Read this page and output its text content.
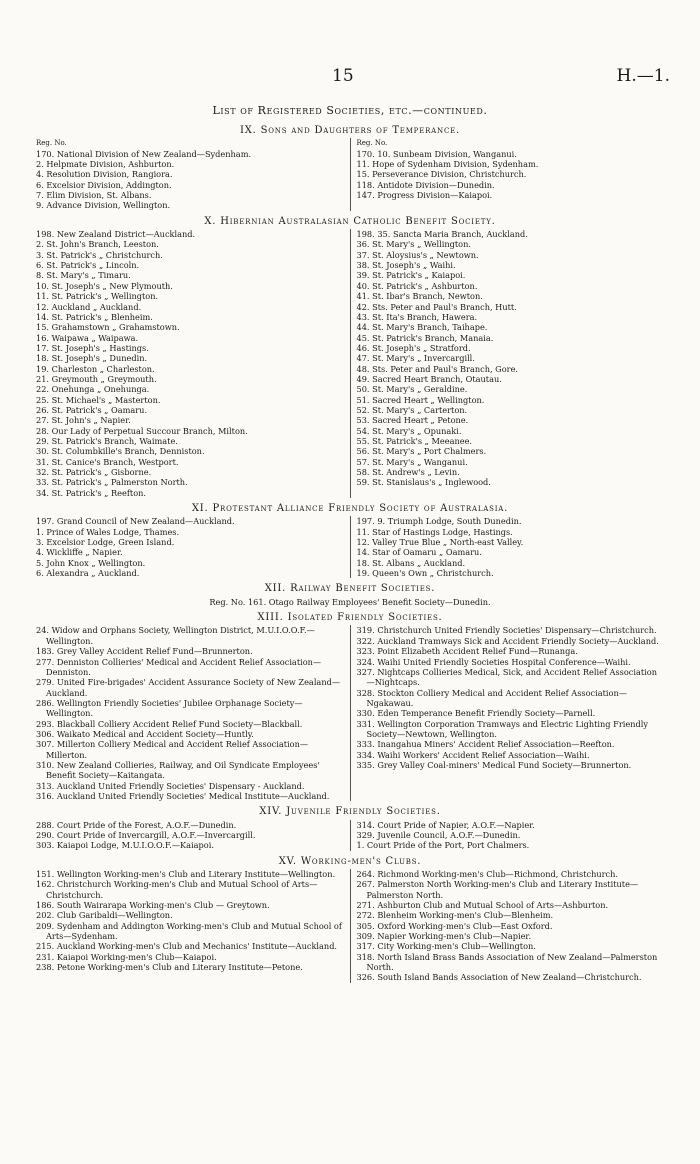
15	H.—1.
List of Registered Societies, etc.—continued.
IX. Sons and Daughters of Temperance.
Reg. No.
170. National Division of New Zealand—Sydenham.
2. Helpmate Division, Ashburton.
4. Resolution Division, Rangiora.
6. Excelsior Division, Addington.
7. Elim Division, St. Albans.
9. Advance Division, Wellington.
Reg. No.
170. 10. Sunbeam Division, Wanganui.
11. Hope of Sydenham Division, Sydenham.
15. Perseverance Division, Christchurch.
118. Antidote Division—Dunedin.
147. Progress Division—Kaiapoi.
X. Hibernian Australasian Catholic Benefit Society.
198. New Zealand District—Auckland.
2. St. John's Branch, Leeston.
3. St. Patrick's „ Christchurch.
6. St. Patrick's „ Lincoln.
8. St. Mary's „ Timaru.
10. St. Joseph's „ New Plymouth.
11. St. Patrick's „ Wellington.
12. Auckland „ Auckland.
14. St. Patrick's „ Blenheim.
15. Grahamstown „ Grahamstown.
16. Waipawa „ Waipawa.
17. St. Joseph's „ Hastings.
18. St. Joseph's „ Dunedin.
19. Charleston „ Charleston.
21. Greymouth „ Greymouth.
22. Onehunga „ Onehunga.
25. St. Michael's „ Masterton.
26. St. Patrick's „ Oamaru.
27. St. John's „ Napier.
28. Our Lady of Perpetual Succour Branch, Milton.
29. St. Patrick's Branch, Waimate.
30. St. Columbkille's Branch, Denniston.
31. St. Canice's Branch, Westport.
32. St. Patrick's „ Gisborne.
33. St. Patrick's „ Palmerston North.
34. St. Patrick's „ Reefton.
198. 35. Sancta Maria Branch, Auckland.
36. St. Mary's „ Wellington.
37. St. Aloysius's „ Newtown.
38. St. Joseph's „ Waihi.
39. St. Patrick's „ Kaiapoi.
40. St. Patrick's „ Ashburton.
41. St. Ibar's Branch, Newton.
42. Sts. Peter and Paul's Branch, Hutt.
43. St. Ita's Branch, Hawera.
44. St. Mary's Branch, Taihape.
45. St. Patrick's Branch, Manaia.
46. St. Joseph's „ Stratford.
47. St. Mary's „ Invercargill.
48. Sts. Peter and Paul's Branch, Gore.
49. Sacred Heart Branch, Otautau.
50. St. Mary's „ Geraldine.
51. Sacred Heart „ Wellington.
52. St. Mary's „ Carterton.
53. Sacred Heart „ Petone.
54. St. Mary's „ Opunaki.
55. St. Patrick's „ Meeanee.
56. St. Mary's „ Port Chalmers.
57. St. Mary's „ Wanganui.
58. St. Andrew's „ Levin.
59. St. Stanislaus's „ Inglewood.
XI. Protestant Alliance Friendly Society of Australasia.
197. Grand Council of New Zealand—Auckland.
1. Prince of Wales Lodge, Thames.
3. Excelsior Lodge, Green Island.
4. Wickliffe „ Napier.
5. John Knox „ Wellington.
6. Alexandra „ Auckland.
197. 9. Triumph Lodge, South Dunedin.
11. Star of Hastings Lodge, Hastings.
12. Valley True Blue „ North-east Valley.
14. Star of Oamaru „ Oamaru.
18. St. Albans „ Auckland.
19. Queen's Own „ Christchurch.
XII. Railway Benefit Societies.
Reg. No. 161. Otago Railway Employees' Benefit Society—Dunedin.
XIII. Isolated Friendly Societies.
24. Widow and Orphans Society, Wellington District, M.U.I.O.O.F.—Wellington.
183. Grey Valley Accident Relief Fund—Brunnerton.
277. Denniston Collieries' Medical and Accident Relief Association—Denniston.
279. United Fire-brigades' Accident Assurance Society of New Zealand—Auckland.
286. Wellington Friendly Societies' Jubilee Orphanage Society—Wellington.
293. Blackball Colliery Accident Relief Fund Society—Blackball.
306. Waikato Medical and Accident Society—Huntly.
307. Millerton Colliery Medical and Accident Relief Association—Millerton.
310. New Zealand Collieries, Railway, and Oil Syndicate Employees' Benefit Society—Kaitangata.
313. Auckland United Friendly Societies' Dispensary - Auckland.
316. Auckland United Friendly Societies' Medical Institute—Auckland.
319. Christchurch United Friendly Societies' Dispensary—Christchurch.
322. Auckland Tramways Sick and Accident Friendly Society—Auckland.
323. Point Elizabeth Accident Relief Fund—Runanga.
324. Waihi United Friendly Societies Hospital Conference—Waihi.
327. Nightcaps Collieries Medical, Sick, and Accident Relief Association—Nightcaps.
328. Stockton Colliery Medical and Accident Relief Association—Ngakawau.
330. Eden Temperance Benefit Friendly Society—Parnell.
331. Wellington Corporation Tramways and Electric Lighting Friendly Society—Newtown, Wellington.
333. Inangahua Miners' Accident Relief Association—Reefton.
334. Waihi Workers' Accident Relief Association—Waihi.
335. Grey Valley Coal-miners' Medical Fund Society—Brunnerton.
XIV. Juvenile Friendly Societies.
288. Court Pride of the Forest, A.O.F.—Dunedin.
290. Court Pride of Invercargill, A.O.F.—Invercargill.
303. Kaiapoi Lodge, M.U.I.O.O.F.—Kaiapoi.
314. Court Pride of Napier, A.O.F.—Napier.
329. Juvenile Council, A.O.F.—Dunedin.
1. Court Pride of the Port, Port Chalmers.
XV. Working-men's Clubs.
151. Wellington Working-men's Club and Literary Institute—Wellington.
162. Christchurch Working-men's Club and Mutual School of Arts—Christchurch.
186. South Wairarapa Working-men's Club — Greytown.
202. Club Garibaldi—Wellington.
209. Sydenham and Addington Working-men's Club and Mutual School of Arts—Sydenham.
215. Auckland Working-men's Club and Mechanics' Institute—Auckland.
231. Kaiapoi Working-men's Club—Kaiapoi.
238. Petone Working-men's Club and Literary Institute—Petone.
264. Richmond Working-men's Club—Richmond, Christchurch.
267. Palmerston North Working-men's Club and Literary Institute—Palmerston North.
271. Ashburton Club and Mutual School of Arts—Ashburton.
272. Blenheim Working-men's Club—Blenheim.
305. Oxford Working-men's Club—East Oxford.
309. Napier Working-men's Club—Napier.
317. City Working-men's Club—Wellington.
318. North Island Brass Bands Association of New Zealand—Palmerston North.
326. South Island Bands Association of New Zealand—Christchurch.
